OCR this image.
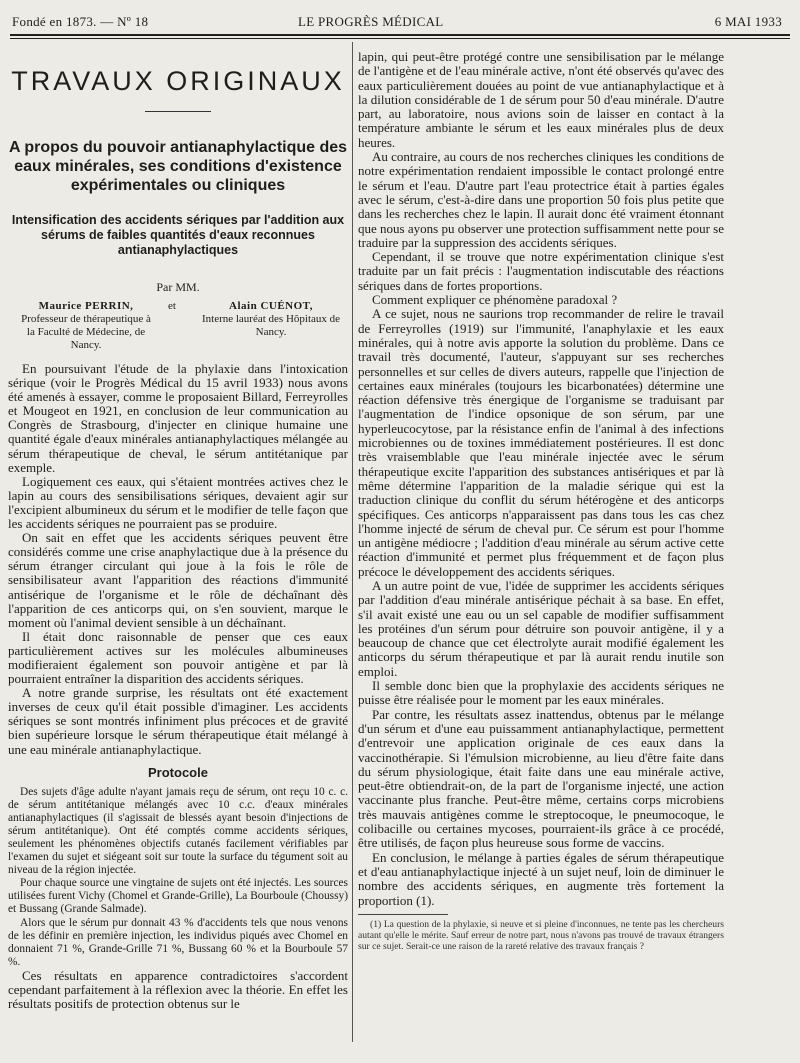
Fondé en 1873. — Nº 18	LE PROGRÈS MÉDICAL	6 MAI 1933
TRAVAUX ORIGINAUX
A propos du pouvoir antianaphylactique des eaux minérales, ses conditions d'existence expérimentales ou cliniques
Intensification des accidents sériques par l'addition aux sérums de faibles quantités d'eaux reconnues antianaphylactiques

Par MM.

Maurice PERRIN,
Professeur de thérapeutique à la Faculté de Médecine, de Nancy.
et	Alain CUÉNOT,
Interne lauréat des Hôpitaux de Nancy.

En poursuivant l'étude de la phylaxie dans l'intoxication sérique (voir le Progrès Médical du 15 avril 1933) nous avons été amenés à essayer, comme le proposaient Billard, Ferreyrolles et Mougeot en 1921, en conclusion de leur communication au Congrès de Strasbourg, d'injecter en clinique humaine une quantité égale d'eaux minérales antianaphylactiques mélangée au sérum thérapeutique de cheval, le sérum antitétanique par exemple.

Logiquement ces eaux, qui s'étaient montrées actives chez le lapin au cours des sensibilisations sériques, devaient agir sur l'excipient albumineux du sérum et le modifier de telle façon que les accidents sériques ne pourraient pas se produire.

On sait en effet que les accidents sériques peuvent être considérés comme une crise anaphylactique due à la présence du sérum étranger circulant qui joue à la fois le rôle de sensibilisateur avant l'apparition des réactions d'immunité antisérique de l'organisme et le rôle de déchaînant dès l'apparition de ces anticorps qui, on s'en souvient, marque le moment où l'animal devient sensible à un déchaînant.

Il était donc raisonnable de penser que ces eaux particulièrement actives sur les molécules albumineuses modifieraient également son pouvoir antigène et par là pourraient entraîner la disparition des accidents sériques.

A notre grande surprise, les résultats ont été exactement inverses de ceux qu'il était possible d'imaginer. Les accidents sériques se sont montrés infiniment plus précoces et de gravité bien supérieure lorsque le sérum thérapeutique était mélangé à une eau minérale antianaphylactique.

Protocole

Des sujets d'âge adulte n'ayant jamais reçu de sérum, ont reçu 10 c. c. de sérum antitétanique mélangés avec 10 c.c. d'eaux minérales antianaphylactiques (il s'agissait de blessés ayant besoin d'injections de sérum antitétanique). Ont été comptés comme accidents sériques, seulement les phénomènes objectifs cutanés facilement vérifiables par l'examen du sujet et siégeant soit sur toute la surface du tégument soit au niveau de la région injectée.

Pour chaque source une vingtaine de sujets ont été injectés. Les sources utilisées furent Vichy (Chomel et Grande-Grille), La Bourboule (Choussy) et Bussang (Grande Salmade).

Alors que le sérum pur donnait 43 % d'accidents tels que nous venons de les définir en première injection, les individus piqués avec Chomel en donnaient 71 %, Grande-Grille 71 %, Bussang 60 % et la Bourboule 57 %.

Ces résultats en apparence contradictoires s'accordent cependant parfaitement à la réflexion avec la théorie. En effet les résultats positifs de protection obtenus sur le

lapin, qui peut-être protégé contre une sensibilisation par le mélange de l'antigène et de l'eau minérale active, n'ont été observés qu'avec des eaux particulièrement douées au point de vue antianaphylactique et à la dilution considérable de 1 de sérum pour 50 d'eau minérale. D'autre part, au laboratoire, nous avions soin de laisser en contact à la température ambiante le sérum et les eaux minérales plus de deux heures.

Au contraire, au cours de nos recherches cliniques les conditions de notre expérimentation rendaient impossible le contact prolongé entre le sérum et l'eau. D'autre part l'eau protectrice était à parties égales avec le sérum, c'est-à-dire dans une proportion 50 fois plus petite que dans les recherches chez le lapin. Il aurait donc été vraiment étonnant que nous ayons pu observer une protection suffisamment nette pour se traduire par la suppression des accidents sériques.

Cependant, il se trouve que notre expérimentation clinique s'est traduite par un fait précis : l'augmentation indiscutable des réactions sériques dans de fortes proportions.

Comment expliquer ce phénomène paradoxal ?

A ce sujet, nous ne saurions trop recommander de relire le travail de Ferreyrolles (1919) sur l'immunité, l'anaphylaxie et les eaux minérales, qui à notre avis apporte la solution du problème. Dans ce travail très documenté, l'auteur, s'appuyant sur ses recherches personnelles et sur celles de divers auteurs, rappelle que l'injection de certaines eaux minérales (toujours les bicarbonatées) détermine une réaction défensive très énergique de l'organisme se traduisant par l'augmentation de l'indice opsonique de son sérum, par une hyperleucocytose, par la résistance enfin de l'animal à des infections microbiennes ou de toxines immédiatement postérieures. Il est donc très vraisemblable que l'eau minérale injectée avec le sérum thérapeutique excite l'apparition des substances antisériques et par là même détermine l'apparition de la maladie sérique qui est la traduction clinique du conflit du sérum hétérogène et des anticorps spécifiques. Ces anticorps n'apparaissent pas dans tous les cas chez l'homme injecté de sérum de cheval pur. Ce sérum est pour l'homme un antigène médiocre ; l'addition d'eau minérale au sérum active cette réaction d'immunité et permet plus fréquemment et de façon plus précoce le développement des accidents sériques.

A un autre point de vue, l'idée de supprimer les accidents sériques par l'addition d'eau minérale antisérique péchait à sa base. En effet, s'il avait existé une eau ou un sel capable de modifier suffisamment les protéines d'un sérum pour détruire son pouvoir antigène, il y a beaucoup de chance que cet électrolyte aurait modifié également les anticorps du sérum thérapeutique et par là aurait rendu inutile son emploi.

Il semble donc bien que la prophylaxie des accidents sériques ne puisse être réalisée pour le moment par les eaux minérales.

Par contre, les résultats assez inattendus, obtenus par le mélange d'un sérum et d'une eau puissamment antianaphylactique, permettent d'entrevoir une application originale de ces eaux dans la vaccinothérapie. Si l'émulsion microbienne, au lieu d'être faite dans du sérum physiologique, était faite dans une eau minérale active, peut-être obtiendrait-on, de la part de l'organisme injecté, une action vaccinante plus franche. Peut-être même, certains corps microbiens très mauvais antigènes comme le streptocoque, le pneumocoque, le colibacille ou certaines mycoses, pourraient-ils grâce à ce procédé, être utilisés, de façon plus heureuse sous forme de vaccins.

En conclusion, le mélange à parties égales de sérum thérapeutique et d'eau antianaphylactique injecté à un sujet neuf, loin de diminuer le nombre des accidents sériques, en augmente très fortement la proportion (1).

(1) La question de la phylaxie, si neuve et si pleine d'inconnues, ne tente pas les chercheurs autant qu'elle le mérite. Sauf erreur de notre part, nous n'avons pas trouvé de travaux étrangers sur ce sujet. Serait-ce une raison de la rareté relative des travaux français ?
